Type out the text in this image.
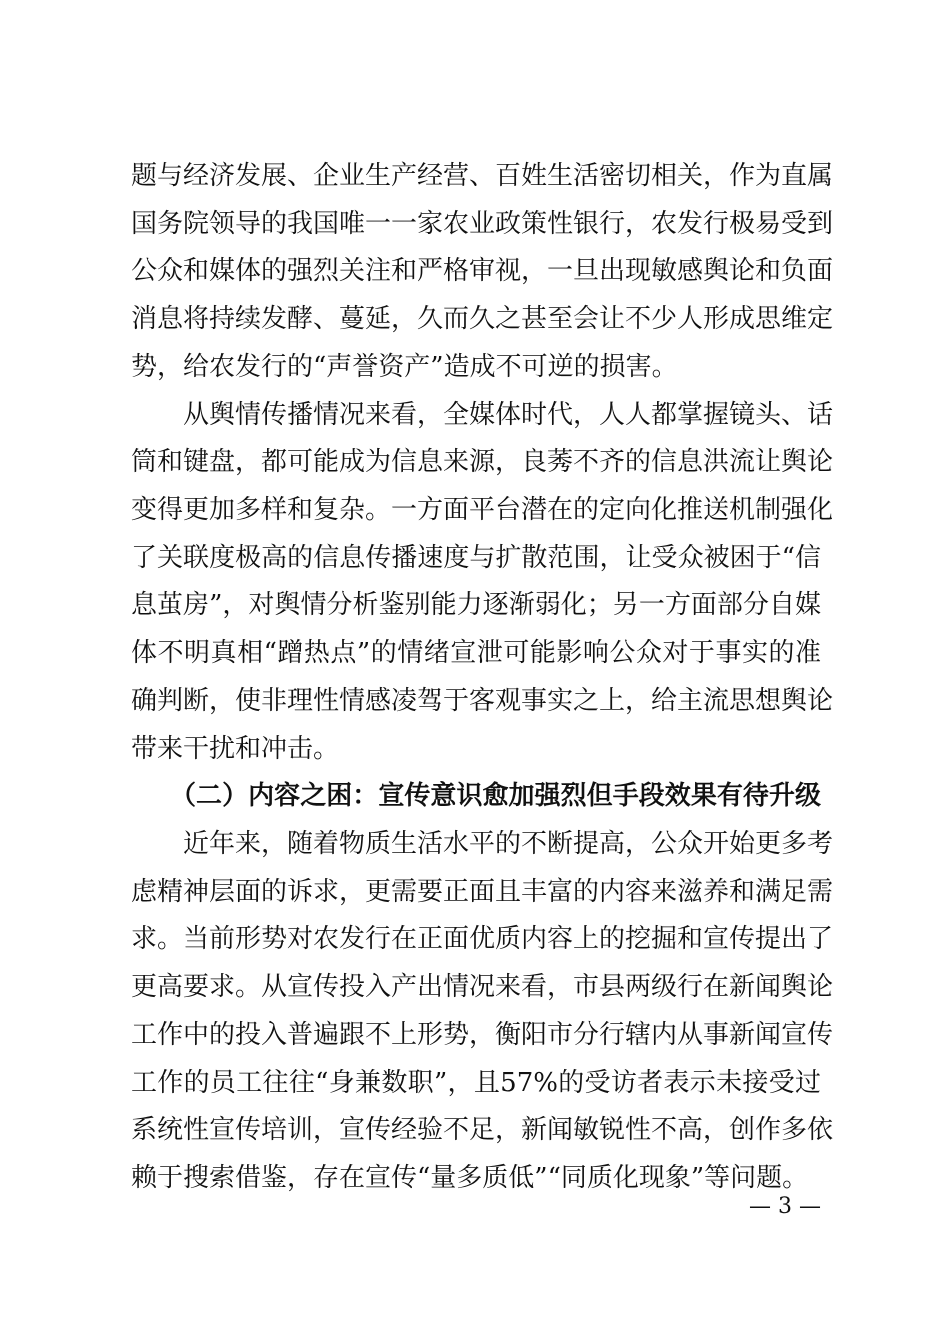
题与经济发展、企业生产经营、百姓生活密切相关，作为直属
国务院领导的我国唯一一家农业政策性银行，农发行极易受到
公众和媒体的强烈关注和严格审视，一旦出现敏感舆论和负面
消息将持续发酵、蔓延，久而久之甚至会让不少人形成思维定
势，给农发行的“声誉资产”造成不可逆的损害。
从舆情传播情况来看，全媒体时代，人人都掌握镜头、话
筒和键盘，都可能成为信息来源，良莠不齐的信息洪流让舆论
变得更加多样和复杂。一方面平台潜在的定向化推送机制强化
了关联度极高的信息传播速度与扩散范围，让受众被困于“信
息茧房”，对舆情分析鉴别能力逐渐弱化；另一方面部分自媒
体不明真相“蹭热点”的情绪宣泄可能影响公众对于事实的准
确判断，使非理性情感凌驾于客观事实之上，给主流思想舆论
带来干扰和冲击。
（二）内容之困：宣传意识愈加强烈但手段效果有待升级
近年来，随着物质生活水平的不断提高，公众开始更多考
虑精神层面的诉求，更需要正面且丰富的内容来滋养和满足需
求。当前形势对农发行在正面优质内容上的挖掘和宣传提出了
更高要求。从宣传投入产出情况来看，市县两级行在新闻舆论
工作中的投入普遍跟不上形势，衡阳市分行辖内从事新闻宣传
工作的员工往往“身兼数职”，且57%的受访者表示未接受过
系统性宣传培训，宣传经验不足，新闻敏锐性不高，创作多依
赖于搜索借鉴，存在宣传“量多质低”“同质化现象”等问题。
— 3 —
